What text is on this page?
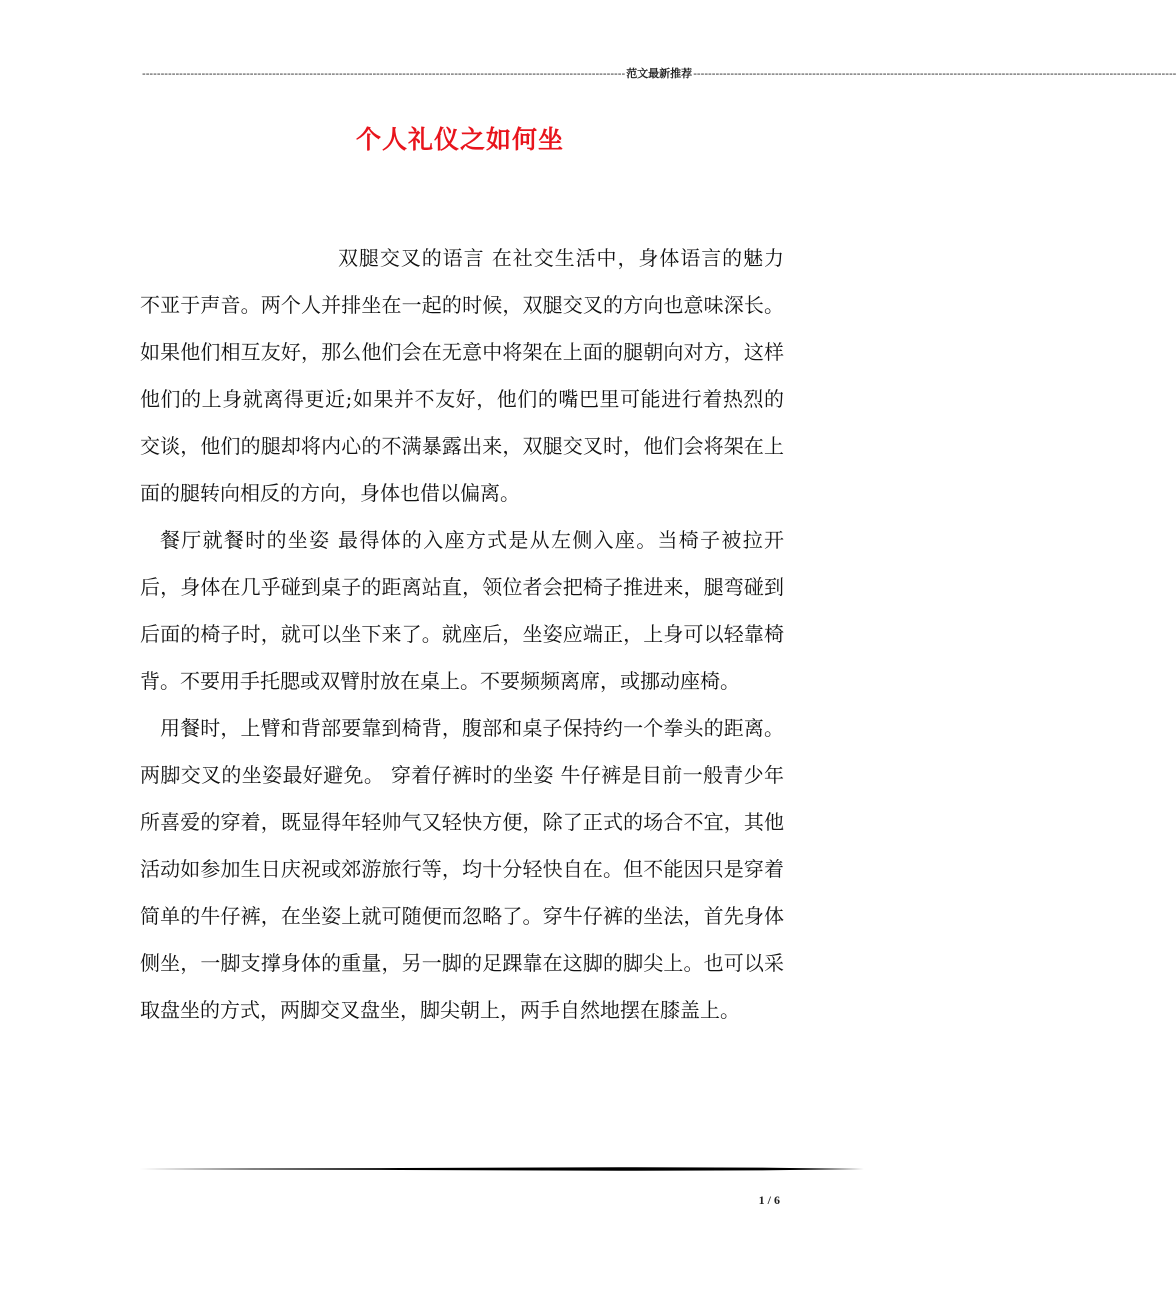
---------------------------------------------------------------------------------------------------------------------------------- 范文最新推荐 ----------------------------------------------------------------------------------------------------------------------------------
个人礼仪之如何坐

双腿交叉的语言 在社交生活中，身体语言的魅力不亚于声音。两个人并排坐在一起的时候，双腿交叉的方向也意味深长。如果他们相互友好，那么他们会在无意中将架在上面的腿朝向对方，这样他们的上身就离得更近;如果并不友好，他们的嘴巴里可能进行着热烈的交谈，他们的腿却将内心的不满暴露出来，双腿交叉时，他们会将架在上面的腿转向相反的方向，身体也借以偏离。

餐厅就餐时的坐姿 最得体的入座方式是从左侧入座。当椅子被拉开后，身体在几乎碰到桌子的距离站直，领位者会把椅子推进来，腿弯碰到后面的椅子时，就可以坐下来了。就座后，坐姿应端正，上身可以轻靠椅背。不要用手托腮或双臂肘放在桌上。不要频频离席，或挪动座椅。

用餐时，上臂和背部要靠到椅背，腹部和桌子保持约一个拳头的距离。两脚交叉的坐姿最好避免。 穿着仔裤时的坐姿 牛仔裤是目前一般青少年所喜爱的穿着，既显得年轻帅气又轻快方便，除了正式的场合不宜，其他活动如参加生日庆祝或郊游旅行等，均十分轻快自在。但不能因只是穿着简单的牛仔裤，在坐姿上就可随便而忽略了。穿牛仔裤的坐法，首先身体侧坐，一脚支撑身体的重量，另一脚的足踝靠在这脚的脚尖上。也可以采取盘坐的方式，两脚交叉盘坐，脚尖朝上，两手自然地摆在膝盖上。

1 / 6
